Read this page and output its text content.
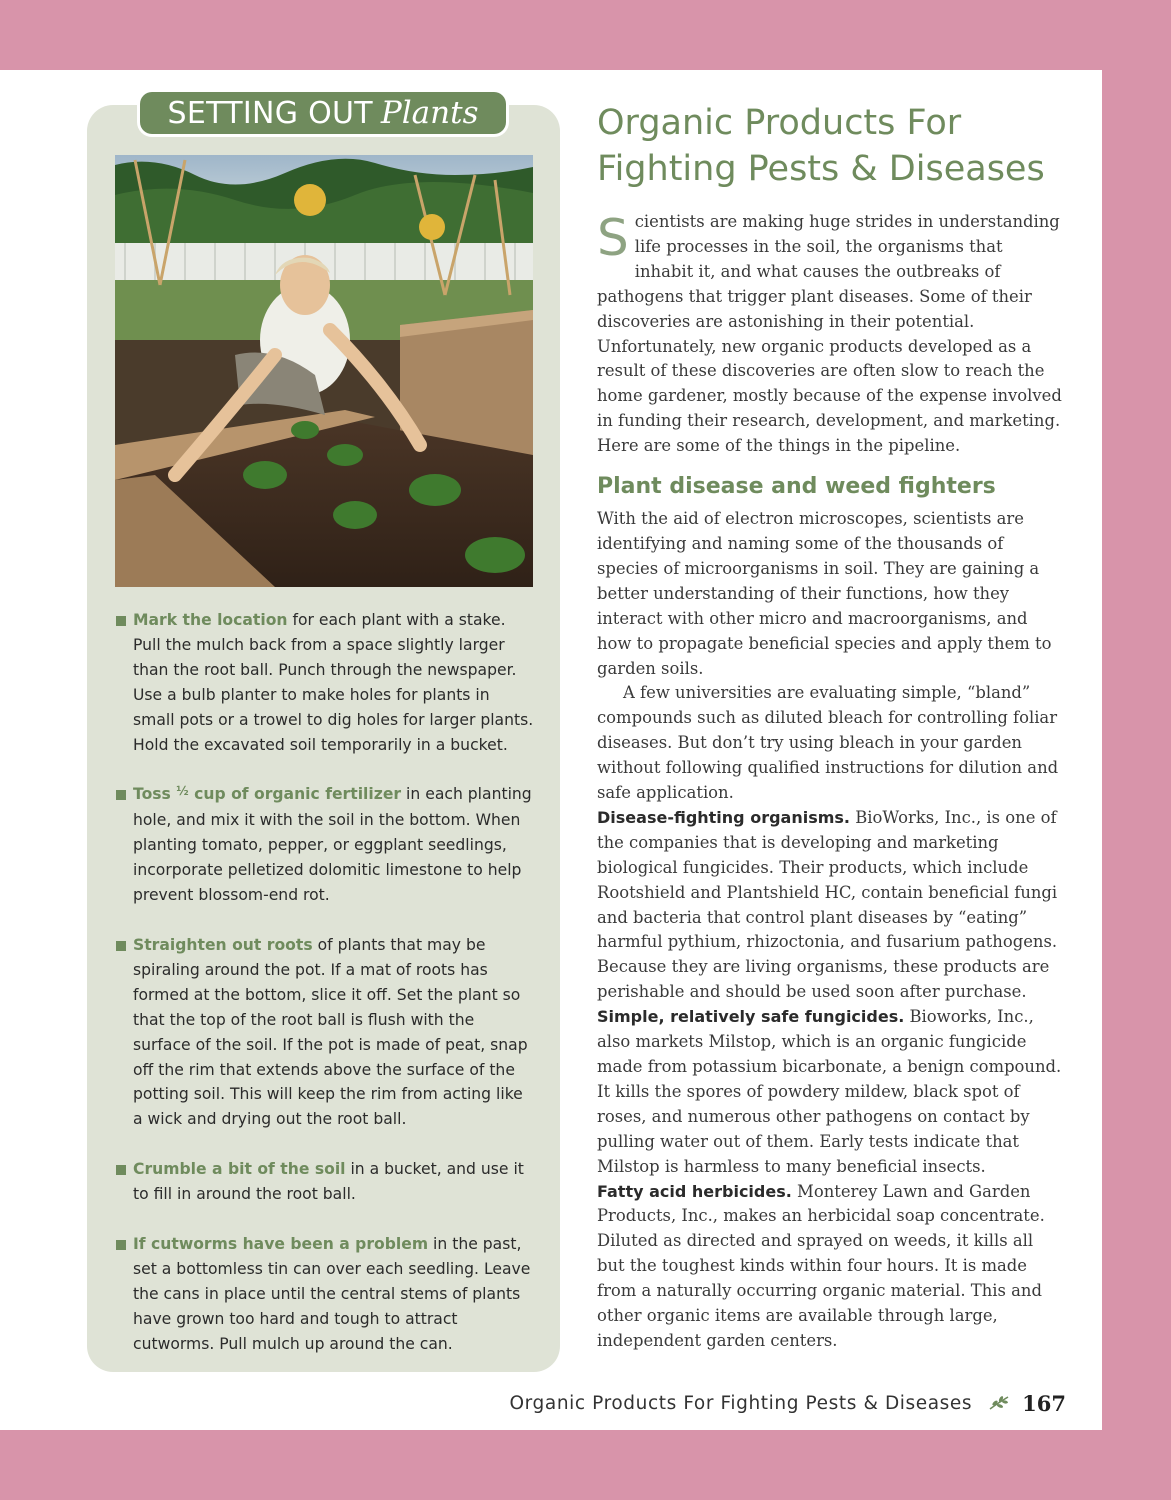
SETTING OUT Plants
Mark the location for each plant with a stake. Pull the mulch back from a space slightly larger than the root ball. Punch through the newspaper. Use a bulb planter to make holes for plants in small pots or a trowel to dig holes for larger plants. Hold the excavated soil temporarily in a bucket.
Toss $^{\frac{1}{2}}$ cup of organic fertilizer in each planting hole, and mix it with the soil in the bottom. When planting tomato, pepper, or eggplant seedlings, incorporate pelletized dolomitic limestone to help prevent blossom-end rot.
Straighten out roots of plants that may be spiraling around the pot. If a mat of roots has formed at the bottom, slice it off. Set the plant so that the top of the root ball is flush with the surface of the soil. If the pot is made of peat, snap off the rim that extends above the surface of the potting soil. This will keep the rim from acting like a wick and drying out the root ball.
Crumble a bit of the soil in a bucket, and use it to fill in around the root ball.
If cutworms have been a problem in the past, set a bottomless tin can over each seedling. Leave the cans in place until the central stems of plants have grown too hard and tough to attract cutworms. Pull mulch up around the can.
Organic Products For Fighting Pests & Diseases

Scientists are making huge strides in understanding life processes in the soil, the organisms that inhabit it, and what causes the outbreaks of pathogens that trigger plant diseases. Some of their discoveries are astonishing in their potential. Unfortunately, new organic products developed as a result of these discoveries are often slow to reach the home gardener, mostly because of the expense involved in funding their research, development, and marketing. Here are some of the things in the pipeline.

Plant disease and weed fighters

With the aid of electron microscopes, scientists are identifying and naming some of the thousands of species of microorganisms in soil. They are gaining a better understanding of their functions, how they interact with other micro and macroorganisms, and how to propagate beneficial species and apply them to garden soils.

A few universities are evaluating simple, “bland” compounds such as diluted bleach for controlling foliar diseases. But don’t try using bleach in your garden without following qualified instructions for dilution and safe application.

Disease-fighting organisms. BioWorks, Inc., is one of the companies that is developing and marketing biological fungicides. Their products, which include Rootshield and Plantshield HC, contain beneficial fungi and bacteria that control plant diseases by “eating” harmful pythium, rhizoctonia, and fusarium pathogens. Because they are living organisms, these products are perishable and should be used soon after purchase.

Simple, relatively safe fungicides. Bioworks, Inc., also markets Milstop, which is an organic fungicide made from potassium bicarbonate, a benign compound. It kills the spores of powdery mildew, black spot of roses, and numerous other pathogens on contact by pulling water out of them. Early tests indicate that Milstop is harmless to many beneficial insects.

Fatty acid herbicides. Monterey Lawn and Garden Products, Inc., makes an herbicidal soap concentrate. Diluted as directed and sprayed on weeds, it kills all but the toughest kinds within four hours. It is made from a naturally occurring organic material. This and other organic items are available through large, independent garden centers.

Organic Products For Fighting Pests & Diseases 167
